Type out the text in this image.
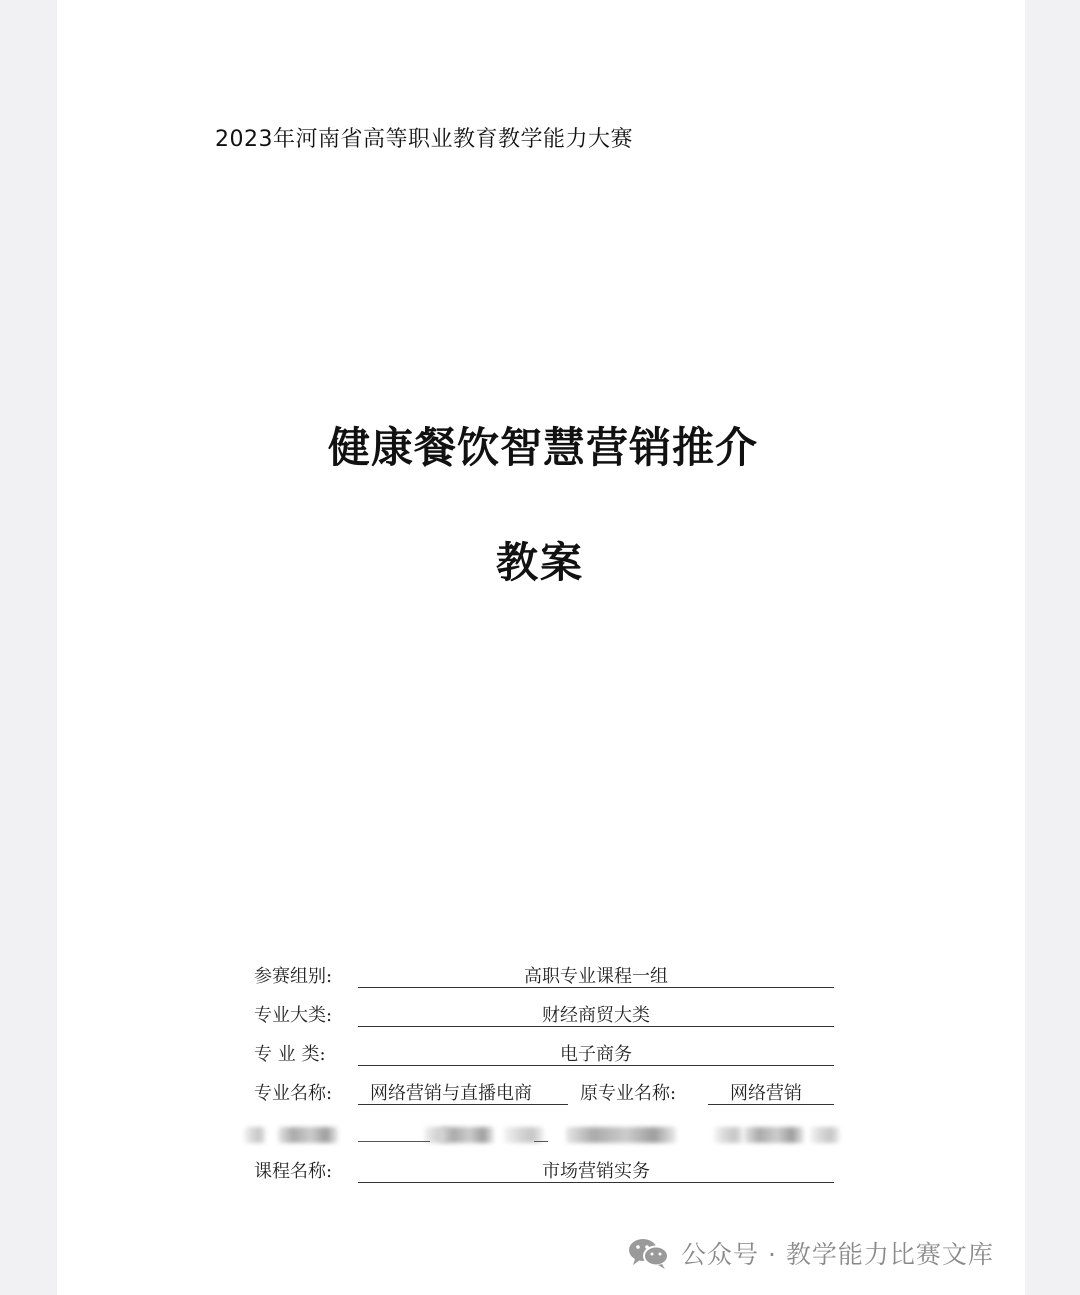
2023年河南省高等职业教育教学能力大赛
健康餐饮智慧营销推介
教案
参赛组别:	高职专业课程一组
专业大类:	财经商贸大类
专 业 类:	电子商务
专业名称: 网络营销与直播电商	原专业名称:	网络营销
课程名称:	市场营销实务
公众号 · 教学能力比赛文库
